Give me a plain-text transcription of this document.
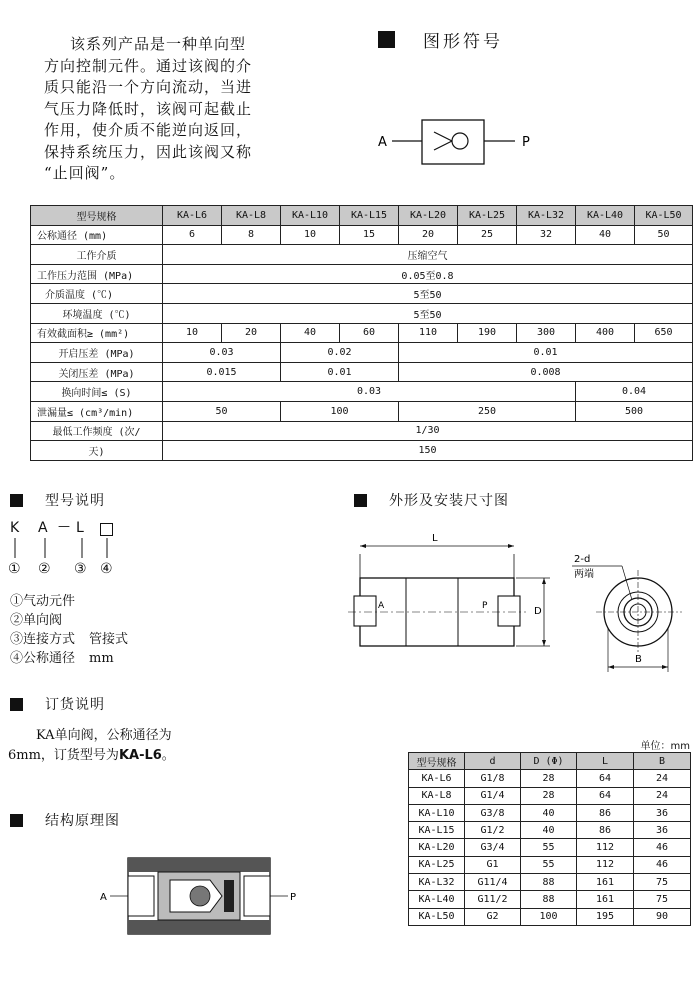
该系列产品是一种单向型
方向控制元件。通过该阀的介
质只能沿一个方向流动，当进
气压力降低时，该阀可起截止
作用，使介质不能逆向返回，
保持系统压力，因此该阀又称
“止回阀”。
图形符号
A	P
型号规格	KA-L6	KA-L8	KA-L10	KA-L15	KA-L20	KA-L25	KA-L32	KA-L40	KA-L50
公称通径 (mm)	6	8	10	15	20	25	32	40	50
工作介质	压缩空气								
工作压力范围 (MPa)	0.05至0.8								
介质温度 (℃)	5至50								
环境温度 (℃)	5至50								
有效截面积≥ (mm²)	10	20	40	60	110	190	300	400	650
开启压差 (MPa)	0.03		0.02		0.01				
关闭压差 (MPa)	0.015		0.01		0.008				
换向时间≤ (S)	0.03							0.04	
泄漏量≤ (cm³/min)	50		100		250			500	
最低工作频度 (次/	1/30								
天)	150								
型号说明
K A — L
① ② ③ ④
①气动元件
②单向阀
③连接方式 管接式
④公称通径 mm
外形及安装尺寸图
L
A	P	D
2-d
两端
B
订货说明
KA单向阀，公称通径为
6mm，订货型号为KA-L6。
结构原理图
A	P
单位：mm
型号规格	d	D (Φ)	L	B
KA-L6	G1/8	28	64	24
KA-L8	G1/4	28	64	24
KA-L10	G3/8	40	86	36
KA-L15	G1/2	40	86	36
KA-L20	G3/4	55	112	46
KA-L25	G1	55	112	46
KA-L32	G11/4	88	161	75
KA-L40	G11/2	88	161	75
KA-L50	G2	100	195	90
